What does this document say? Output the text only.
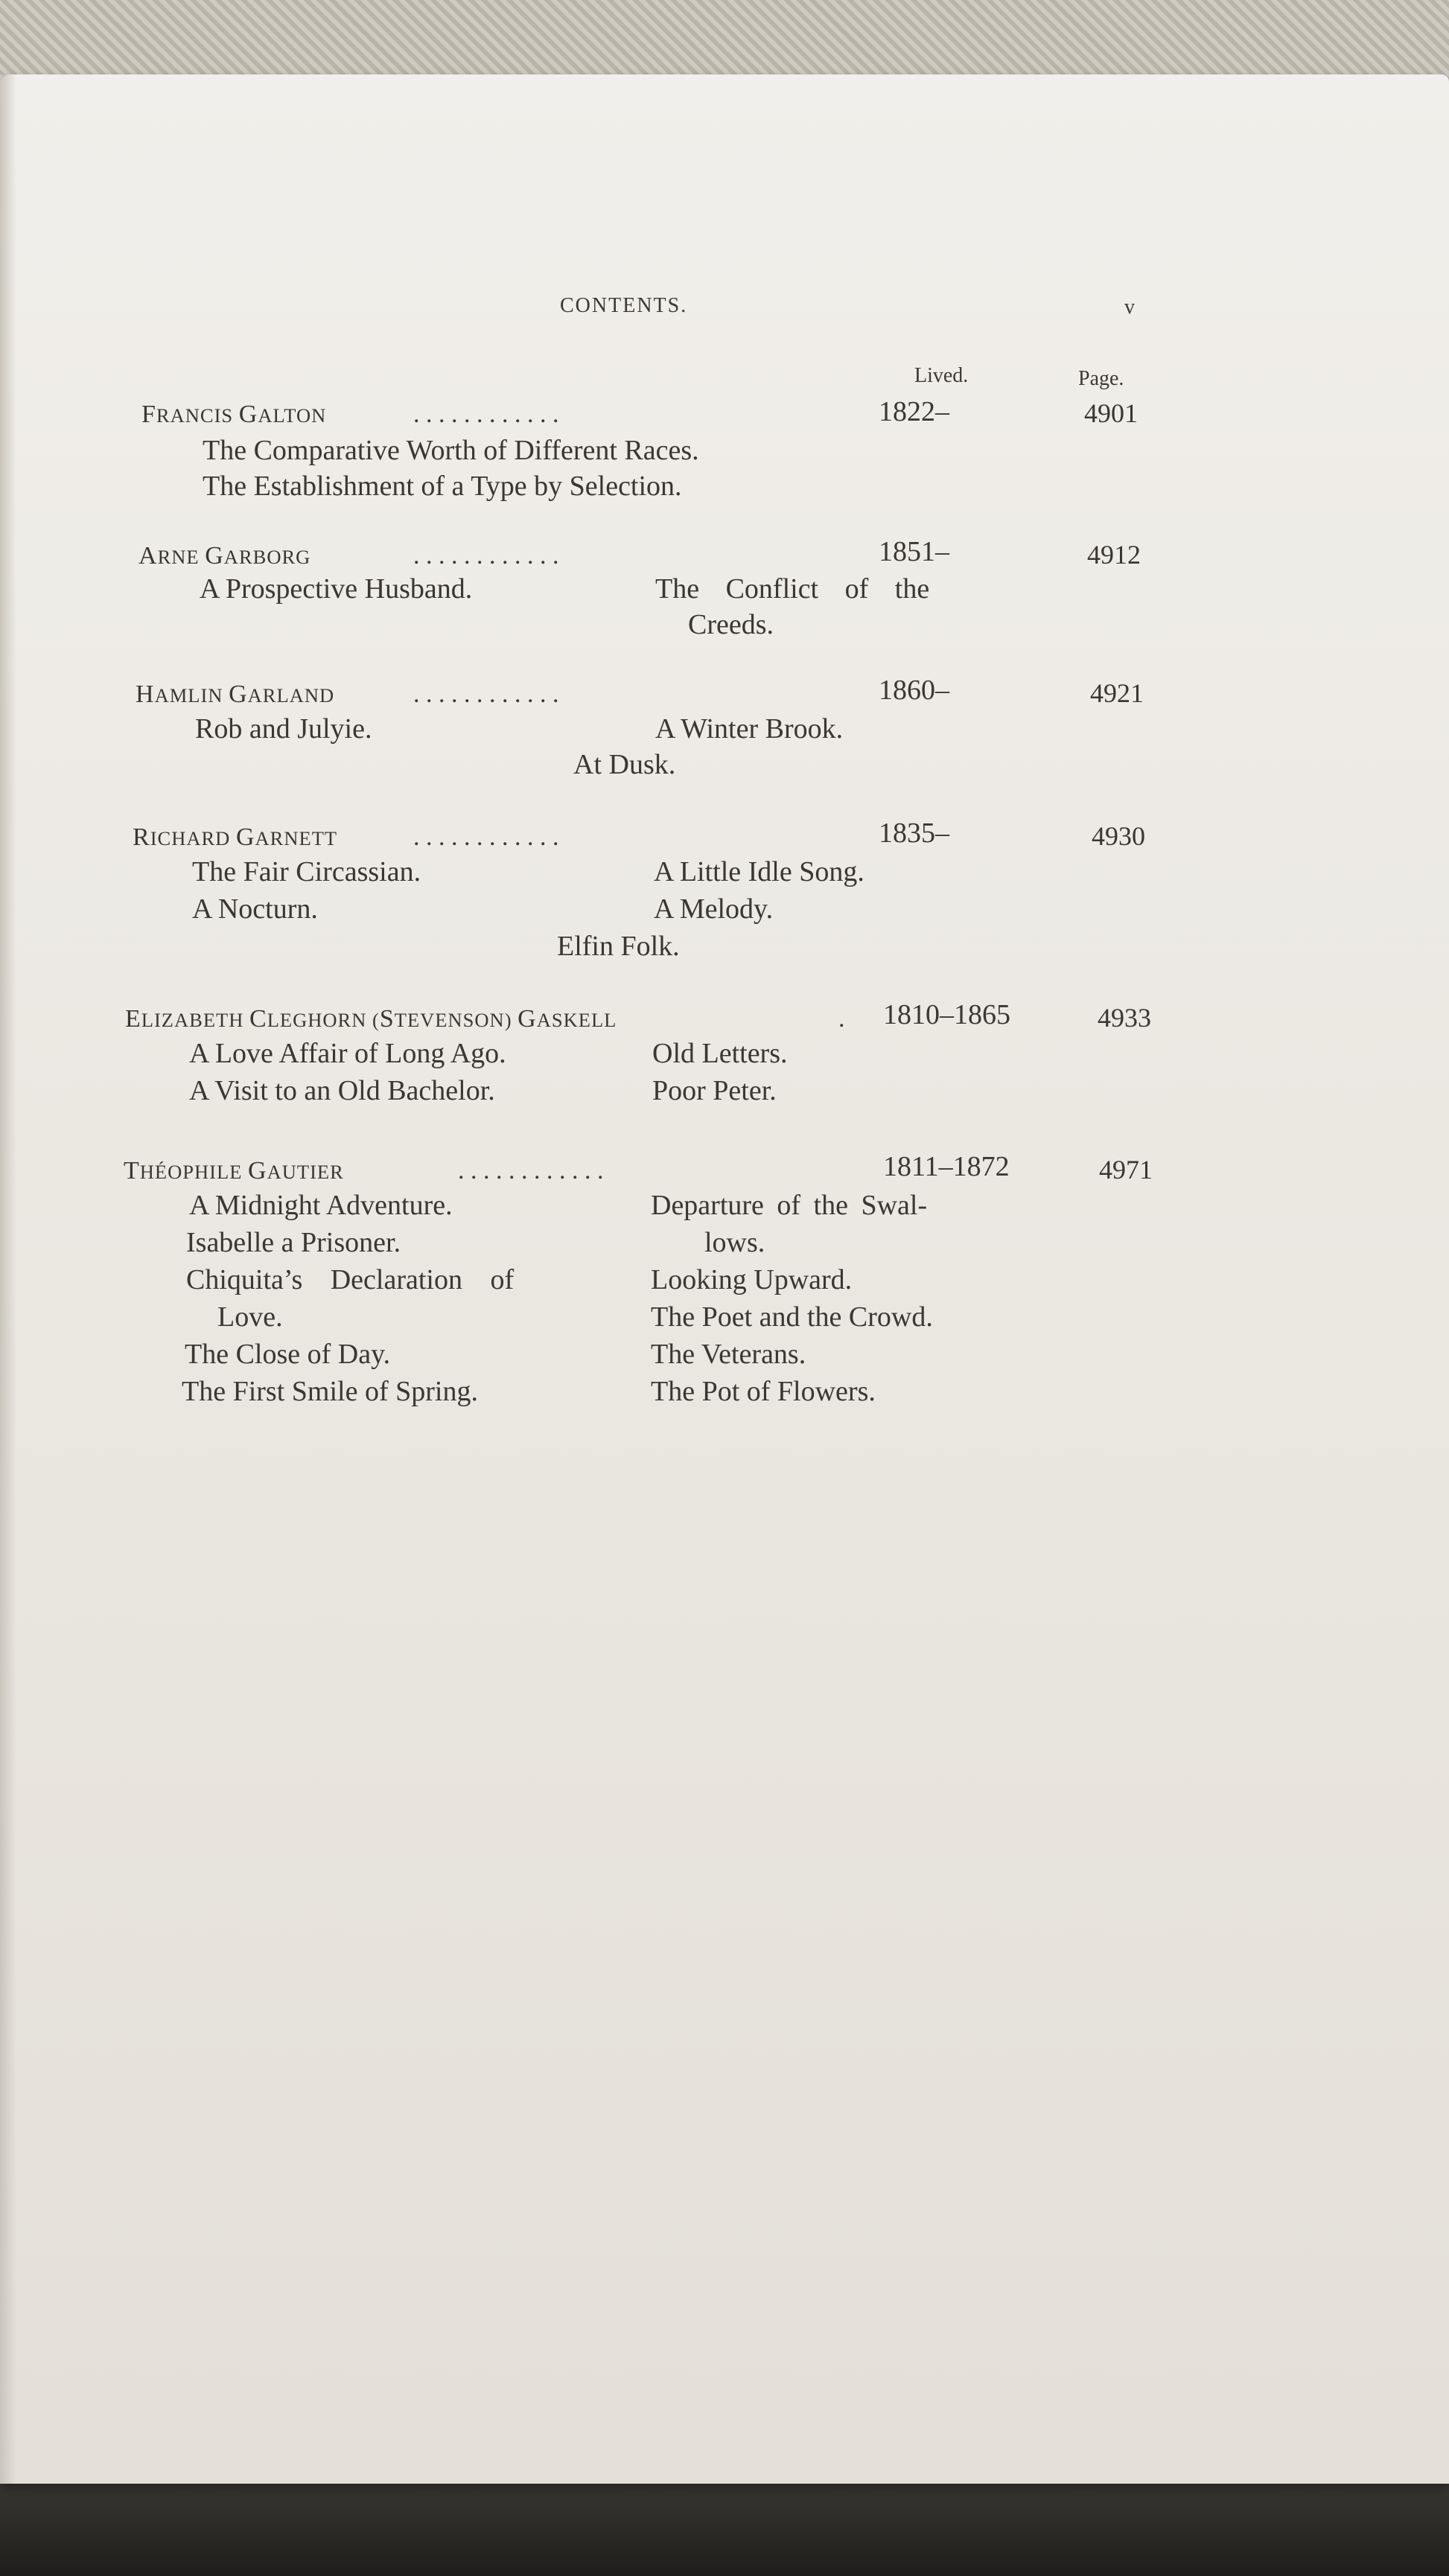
CONTENTS.	v
Lived.	Page.
FRANCIS GALTON	. . . . . . . . . . . .	1822–	4901
The Comparative Worth of Different Races.
The Establishment of a Type by Selection.
ARNE GARBORG	. . . . . . . . . . . .	1851–	4912
A Prospective Husband.	The Conflict of the
Creeds.
HAMLIN GARLAND	. . . . . . . . . . . .	1860–	4921
Rob and Julyie.	A Winter Brook.
At Dusk.
RICHARD GARNETT	. . . . . . . . . . . .	1835–	4930
The Fair Circassian.	A Little Idle Song.
A Nocturn.	A Melody.
Elfin Folk.
ELIZABETH CLEGHORN (STEVENSON) GASKELL	. 1810–1865	4933
A Love Affair of Long Ago.	Old Letters.
A Visit to an Old Bachelor.	Poor Peter.
THÉOPHILE GAUTIER	. . . . . . . . . . . .	1811–1872	4971
A Midnight Adventure.	Departure of the Swal-
Isabelle a Prisoner.	lows.
Chiquita’s Declaration of	Looking Upward.
Love.	The Poet and the Crowd.
The Close of Day.	The Veterans.
The First Smile of Spring.	The Pot of Flowers.
